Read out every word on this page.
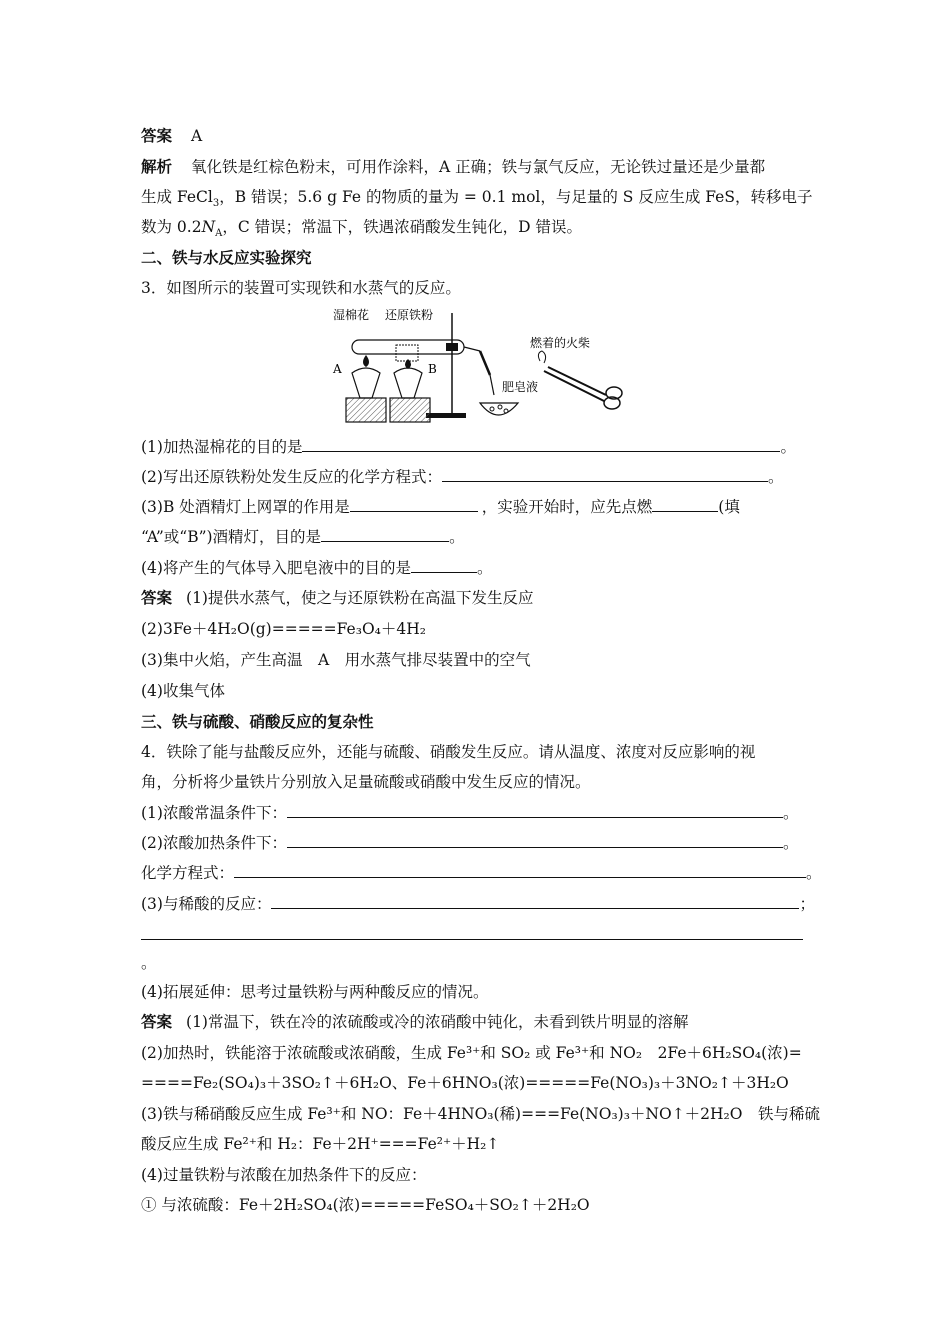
答案 A
解析 氧化铁是红棕色粉末，可用作涂料，A 正确；铁与氯气反应，无论铁过量还是少量都
生成 FeCl$_3$，B 错误；5.6 g Fe 的物质的量为 = 0.1 mol，与足量的 S 反应生成 FeS，转移电子
数为 $0.2N_A$，C 错误；常温下，铁遇浓硝酸发生钝化，D 错误。
二、铁与水反应实验探究
3．如图所示的装置可实现铁和水蒸气的反应。
湿棉花 还原铁粉
燃着的火柴
A	B
肥皂液
(1)加热湿棉花的目的是	。
(2)写出还原铁粉处发生反应的化学方程式：	。
(3)B 处酒精灯上网罩的作用是	，实验开始时，应先点燃	(填
“A”或“B”)酒精灯，目的是	。
(4)将产生的气体导入肥皂液中的目的是	。
答案 (1)提供水蒸气，使之与还原铁粉在高温下发生反应
(2)3Fe＋4H₂O(g)=====Fe₃O₄＋4H₂
(3)集中火焰，产生高温　A　用水蒸气排尽装置中的空气
(4)收集气体
三、铁与硫酸、硝酸反应的复杂性
4．铁除了能与盐酸反应外，还能与硫酸、硝酸发生反应。请从温度、浓度对反应影响的视
角，分析将少量铁片分别放入足量硫酸或硝酸中发生反应的情况。
(1)浓酸常温条件下：	。
(2)浓酸加热条件下：	。
化学方程式：	。
(3)与稀酸的反应：	；
。
(4)拓展延伸：思考过量铁粉与两种酸反应的情况。
答案 (1)常温下，铁在冷的浓硫酸或冷的浓硝酸中钝化，未看到铁片明显的溶解
(2)加热时，铁能溶于浓硫酸或浓硝酸，生成 Fe³⁺和 SO₂ 或 Fe³⁺和 NO₂　2Fe＋6H₂SO₄(浓)=
====Fe₂(SO₄)₃＋3SO₂↑＋6H₂O、Fe＋6HNO₃(浓)=====Fe(NO₃)₃＋3NO₂↑＋3H₂O
(3)铁与稀硝酸反应生成 Fe³⁺和 NO：Fe＋4HNO₃(稀)===Fe(NO₃)₃＋NO↑＋2H₂O　铁与稀硫
酸反应生成 Fe²⁺和 H₂：Fe＋2H⁺===Fe²⁺＋H₂↑
(4)过量铁粉与浓酸在加热条件下的反应：
① 与浓硫酸：Fe＋2H₂SO₄(浓)=====FeSO₄＋SO₂↑＋2H₂O
